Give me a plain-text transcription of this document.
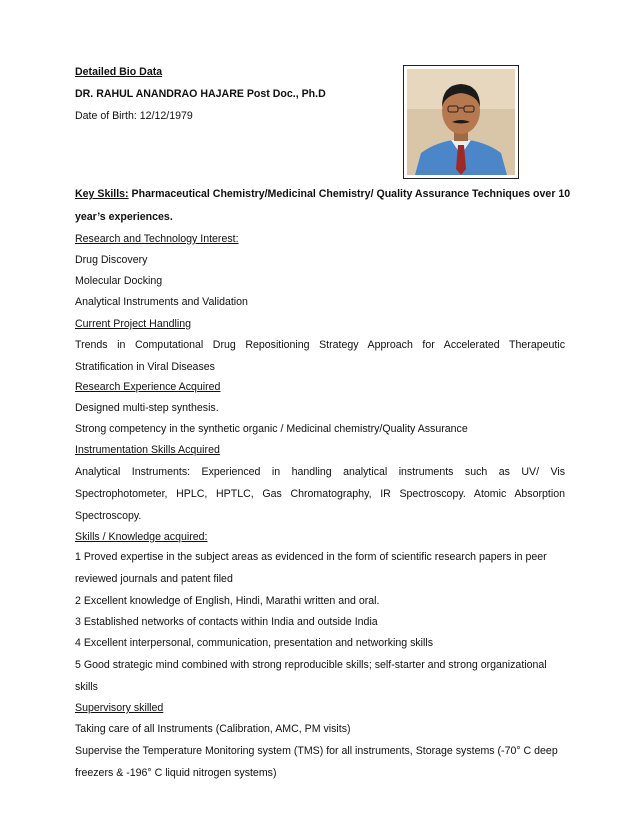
Detailed Bio Data
DR. RAHUL ANANDRAO HAJARE Post Doc., Ph.D
Date of Birth: 12/12/1979
Key Skills: Pharmaceutical Chemistry/Medicinal Chemistry/ Quality Assurance Techniques over 10
year’s experiences.
Research and Technology Interest:
Drug Discovery
Molecular Docking
Analytical Instruments and Validation
Current Project Handling
Trends in Computational Drug Repositioning Strategy Approach for Accelerated Therapeutic
Stratification in Viral Diseases
Research Experience Acquired
Designed multi-step synthesis.
Strong competency in the synthetic organic / Medicinal chemistry/Quality Assurance
Instrumentation Skills Acquired
Analytical Instruments: Experienced in handling analytical instruments such as UV/ Vis
Spectrophotometer, HPLC, HPTLC, Gas Chromatography, IR Spectroscopy. Atomic Absorption
Spectroscopy.
Skills / Knowledge acquired:
1 Proved expertise in the subject areas as evidenced in the form of scientific research papers in peer
reviewed journals and patent filed
2 Excellent knowledge of English, Hindi, Marathi written and oral.
3 Established networks of contacts within India and outside India
4 Excellent interpersonal, communication, presentation and networking skills
5 Good strategic mind combined with strong reproducible skills; self-starter and strong organizational
skills
Supervisory skilled
Taking care of all Instruments (Calibration, AMC, PM visits)
Supervise the Temperature Monitoring system (TMS) for all instruments, Storage systems (-70° C deep
freezers & -196° C liquid nitrogen systems)
